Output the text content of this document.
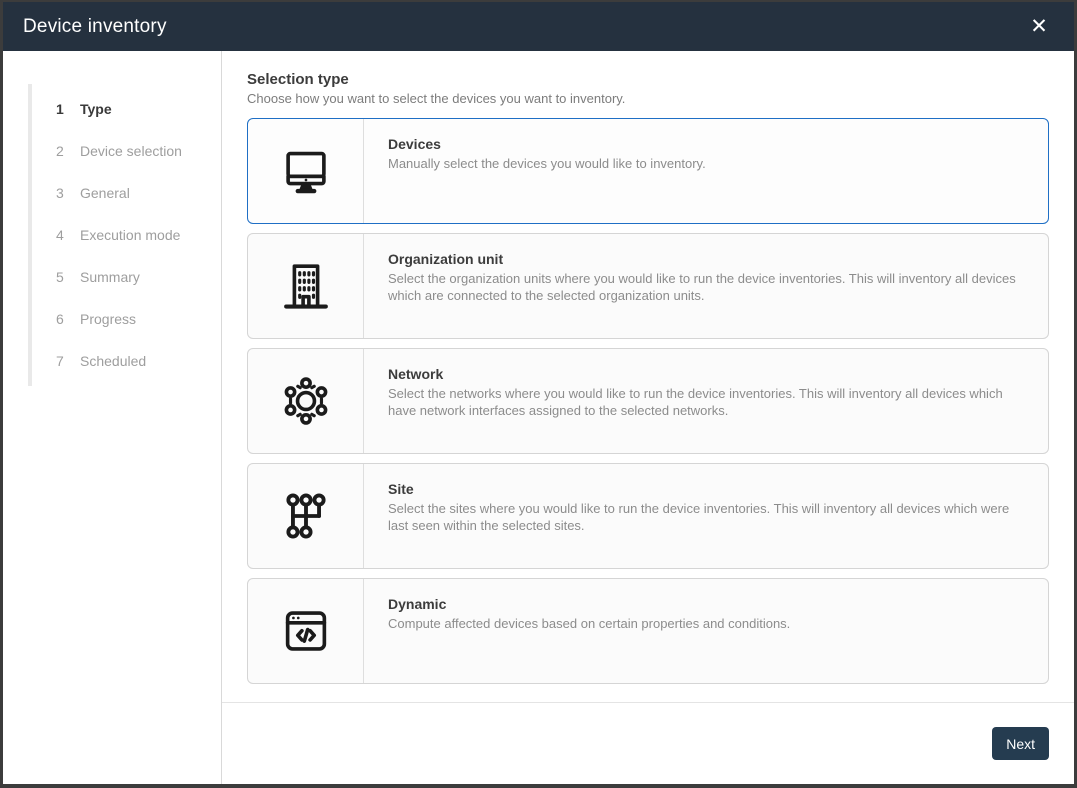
Device inventory	✕
1	Type
2	Device selection
3	General
4	Execution mode
5	Summary
6	Progress
7	Scheduled
Selection type
Choose how you want to select the devices you want to inventory.
Devices
Manually select the devices you would like to inventory.
Organization unit
Select the organization units where you would like to run the device inventories. This will inventory all devices which are connected to the selected organization units.
Network
Select the networks where you would like to run the device inventories. This will inventory all devices which have network interfaces assigned to the selected networks.
Site
Select the sites where you would like to run the device inventories. This will inventory all devices which were last seen within the selected sites.
Dynamic
Compute affected devices based on certain properties and conditions.
Next
